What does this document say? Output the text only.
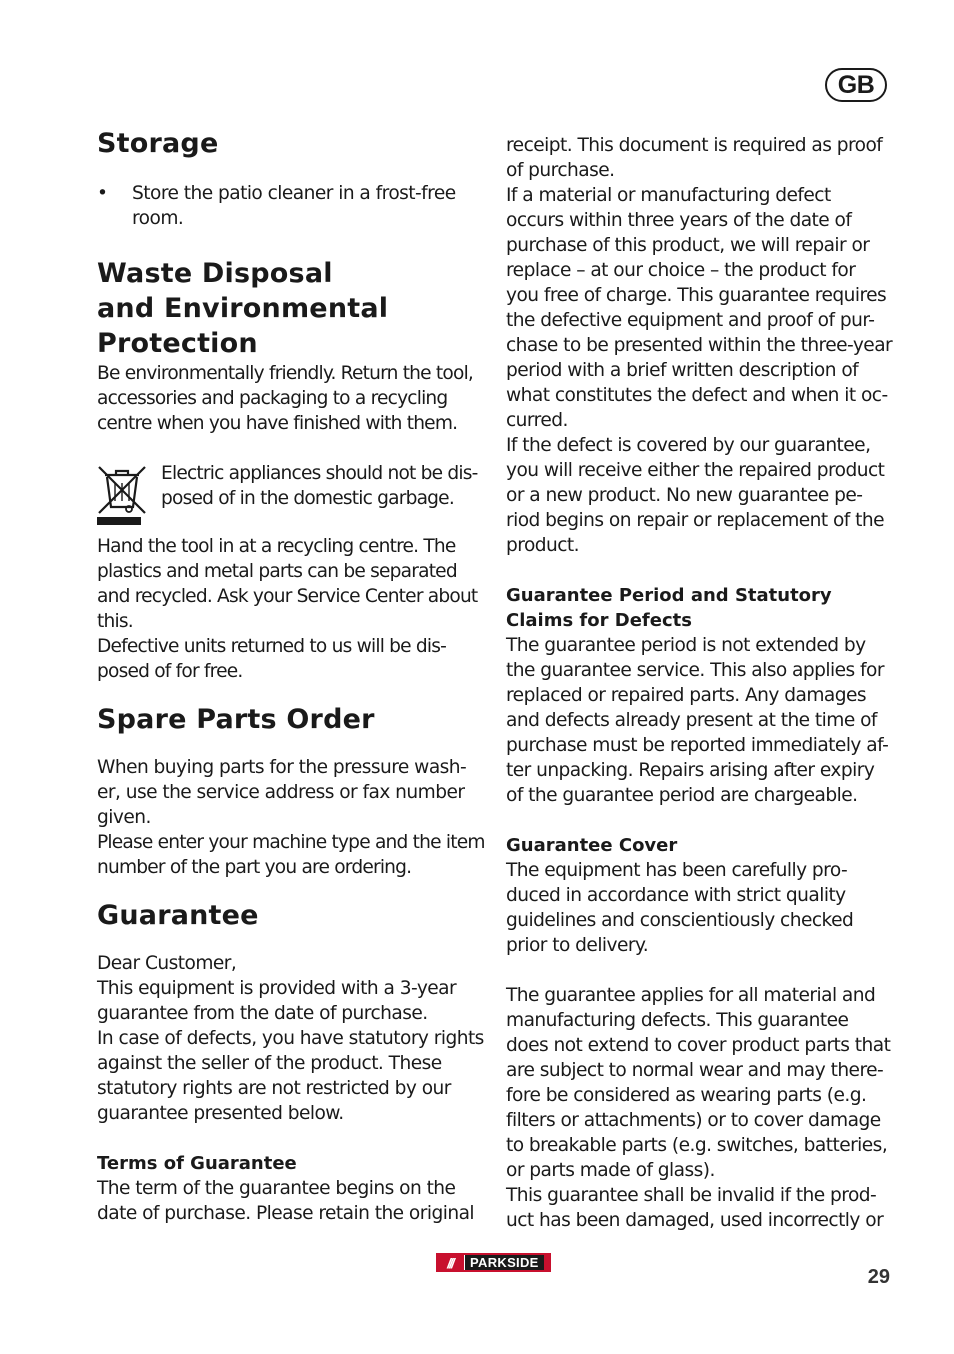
GB
Storage
•	Store the patio cleaner in a frost-free
room.
Waste Disposal
and Environmental
Protection
Be environmentally friendly. Return the tool,
accessories and packaging to a recycling
centre when you have finished with them.
Electric appliances should not be dis-
posed of in the domestic garbage.
Hand the tool in at a recycling centre. The
plastics and metal parts can be separated
and recycled. Ask your Service Center about
this.
Defective units returned to us will be dis-
posed of for free.
Spare Parts Order
When buying parts for the pressure wash-
er, use the service address or fax number
given.
Please enter your machine type and the item
number of the part you are ordering.
Guarantee
Dear Customer,
This equipment is provided with a 3-year
guarantee from the date of purchase.
In case of defects, you have statutory rights
against the seller of the product. These
statutory rights are not restricted by our
guarantee presented below.
Terms of Guarantee
The term of the guarantee begins on the
date of purchase. Please retain the original
receipt. This document is required as proof
of purchase.
If a material or manufacturing defect
occurs within three years of the date of
purchase of this product, we will repair or
replace – at our choice – the product for
you free of charge. This guarantee requires
the defective equipment and proof of pur-
chase to be presented within the three-year
period with a brief written description of
what constitutes the defect and when it oc-
curred.
If the defect is covered by our guarantee,
you will receive either the repaired product
or a new product. No new guarantee pe-
riod begins on repair or replacement of the
product.
Guarantee Period and Statutory
Claims for Defects
The guarantee period is not extended by
the guarantee service. This also applies for
replaced or repaired parts. Any damages
and defects already present at the time of
purchase must be reported immediately af-
ter unpacking. Repairs arising after expiry
of the guarantee period are chargeable.
Guarantee Cover
The equipment has been carefully pro-
duced in accordance with strict quality
guidelines and conscientiously checked
prior to delivery.
The guarantee applies for all material and
manufacturing defects. This guarantee
does not extend to cover product parts that
are subject to normal wear and may there-
fore be considered as wearing parts (e.g.
filters or attachments) or to cover damage
to breakable parts (e.g. switches, batteries,
or parts made of glass).
This guarantee shall be invalid if the prod-
uct has been damaged, used incorrectly or
///	PARKSIDE
29
